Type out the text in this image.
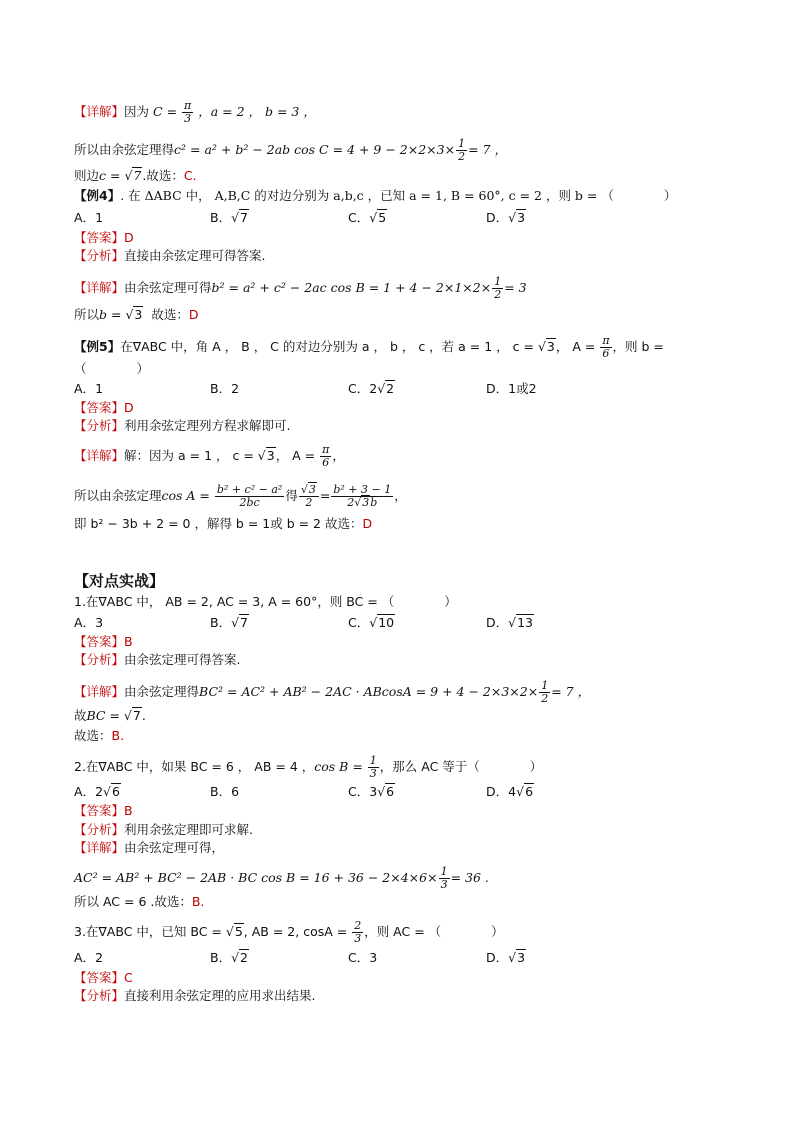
【详解】因为 $C = \frac{\pi}{3}$ ，a = 2 ， b = 3 ，
所以由余弦定理得c² = a² + b² − 2ab $\cos C = 4 + 9 - 2\times 2\times 3\times \frac{1}{2} = 7$ ，
则边c = √7.故选：C.
【例4】. 在 ΔABC 中， A,B,C 的对边分别为 a,b,c ，已知 a = 1, B = 60°, c = 2 ，则 b = （　　　　）
A．1	B．√7	C．√5	D．√3
【答案】D
【分析】直接由余弦定理可得答案.
【详解】由余弦定理可得b² = a² + c² − 2ac $\cos B = 1 + 4 - 2\times 1\times 2\times \frac{1}{2} = 3$
所以b = √3 故选：D
【例5】在∇ABC 中，角 A ， B ， C 的对边分别为 a ， b ， c ，若 a = 1 ， c = √3， $A = \frac{\pi}{6}$ ，则 b =
（　　　　）
A．1	B．2	C．2√2	D．1或2
【答案】D
【分析】利用余弦定理列方程求解即可.
【详解】解：因为 a = 1 ， c = √3， $A = \frac{\pi}{6}$ ，
所以由余弦定理$\cos A = \frac{\text{b² + c² − a²}}{2bc}$ 得 $\frac{√3}{2} = \frac{\text{b² + 3 − 1}}{2√3b}$ ，
即 b² − 3b + 2 = 0 ，解得 b = 1或 b = 2 故选：D
【对点实战】
1.在∇ABC 中， AB = 2, AC = 3, A = 60°，则 BC = （　　　　）
A．3	B．√7	C．√10	D．√13
【答案】B
【分析】由余弦定理可得答案.
【详解】由余弦定理得$BC^2 = AC^2 + AB^2 - 2AC \cdot ABcosA = 9 + 4 - 2\times 3\times 2\times \frac{1}{2} = 7$ ，
故BC = √7.
故选：B.
2.在∇ABC 中，如果 BC = 6 ， AB = 4 ，$\cos B = \frac{1}{3}$ ，那么 AC 等于（　　　　）
A．2√6	B．6	C．3√6	D．4√6
【答案】B
【分析】利用余弦定理即可求解.
【详解】由余弦定理可得，
AC² = AB² + BC² − 2AB · BC $\cos B = 16 + 36 - 2\times 4\times 6\times \frac{1}{3} = 36$ .
所以 AC = 6 .故选：B.
3.在∇ABC 中，已知 BC = √5, AB = 2, $\cos A = \frac{2}{3}$ ，则 AC = （　　　　）
A．2	B．√2	C．3	D．√3
【答案】C
【分析】直接利用余弦定理的应用求出结果.
